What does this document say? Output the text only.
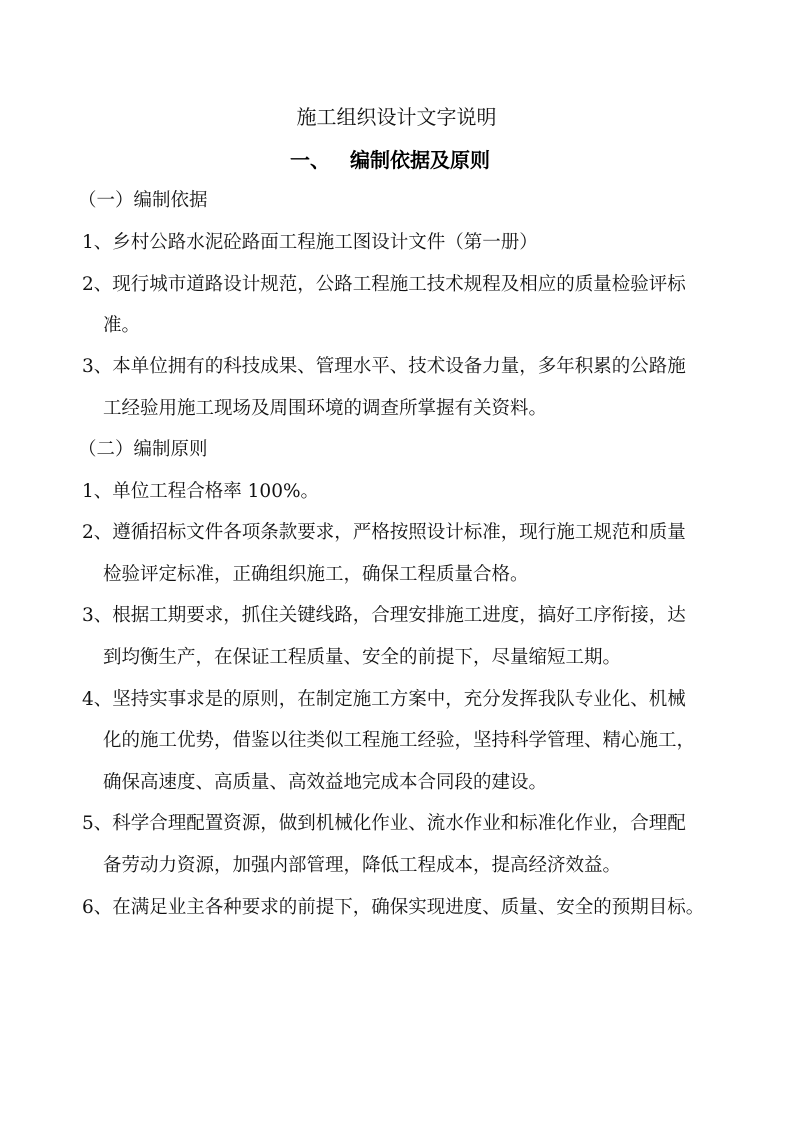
施工组织设计文字说明
一、 编制依据及原则
（一）编制依据
1、乡村公路水泥砼路面工程施工图设计文件（第一册）
2、现行城市道路设计规范，公路工程施工技术规程及相应的质量检验评标
准。
3、本单位拥有的科技成果、管理水平、技术设备力量，多年积累的公路施
工经验用施工现场及周围环境的调查所掌握有关资料。
（二）编制原则
1、单位工程合格率 100%。
2、遵循招标文件各项条款要求，严格按照设计标准，现行施工规范和质量
检验评定标准，正确组织施工，确保工程质量合格。
3、根据工期要求，抓住关键线路，合理安排施工进度，搞好工序衔接，达
到均衡生产，在保证工程质量、安全的前提下，尽量缩短工期。
4、坚持实事求是的原则，在制定施工方案中，充分发挥我队专业化、机械
化的施工优势，借鉴以往类似工程施工经验，坚持科学管理、精心施工，
确保高速度、高质量、高效益地完成本合同段的建设。
5、科学合理配置资源，做到机械化作业、流水作业和标准化作业，合理配
备劳动力资源，加强内部管理，降低工程成本，提高经济效益。
6、在满足业主各种要求的前提下，确保实现进度、质量、安全的预期目标。
